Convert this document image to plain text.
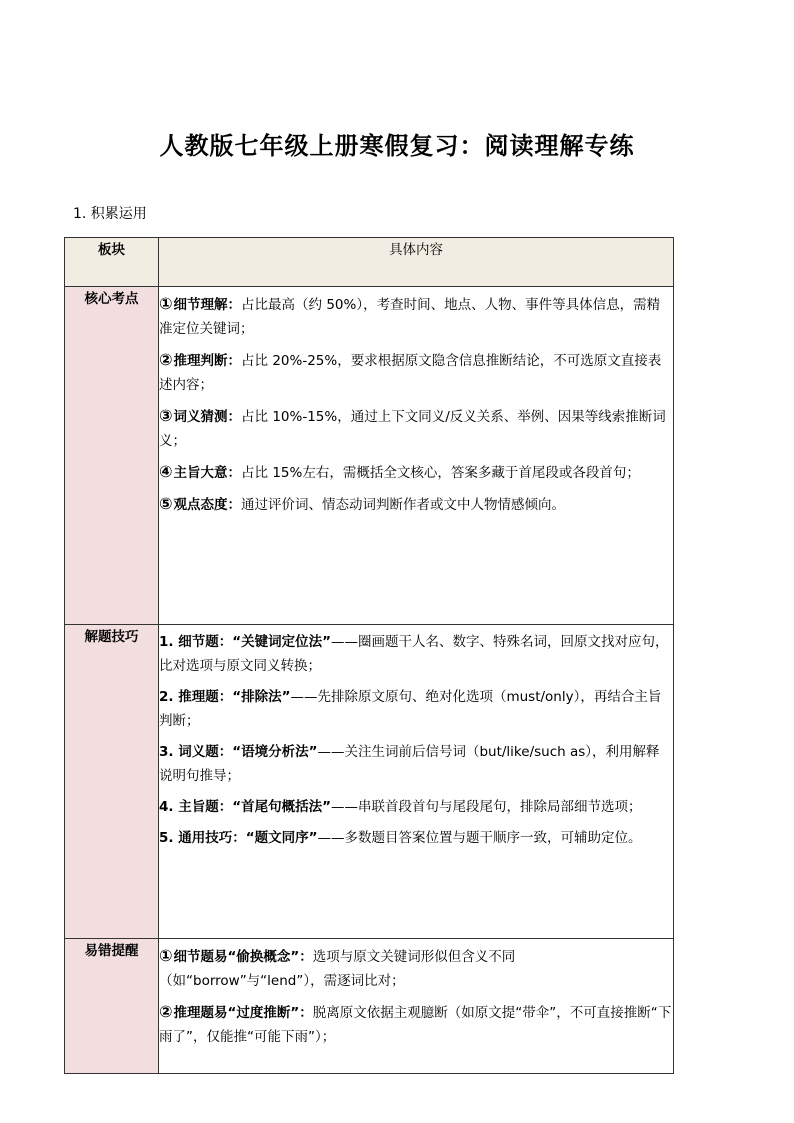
人教版七年级上册寒假复习：阅读理解专练
1. 积累运用
板块	具体内容
核心考点	①细节理解：占比最高（约 50%），考查时间、地点、人物、事件等具体信息，需精准定位关键词；
②推理判断：占比 20%-25%，要求根据原文隐含信息推断结论，不可选原文直接表述内容；
③词义猜测：占比 10%-15%，通过上下文同义/反义关系、举例、因果等线索推断词义；
④主旨大意：占比 15%左右，需概括全文核心，答案多藏于首尾段或各段首句；
⑤观点态度：通过评价词、情态动词判断作者或文中人物情感倾向。

解题技巧	1. 细节题：“关键词定位法”——圈画题干人名、数字、特殊名词，回原文找对应句，比对选项与原文同义转换；
2. 推理题：“排除法”——先排除原文原句、绝对化选项（must/only），再结合主旨判断；
3. 词义题：“语境分析法”——关注生词前后信号词（but/like/such as），利用解释说明句推导；
4. 主旨题：“首尾句概括法”——串联首段首句与尾段尾句，排除局部细节选项；
5. 通用技巧：“题文同序”——多数题目答案位置与题干顺序一致，可辅助定位。

易错提醒	①细节题易“偷换概念”：选项与原文关键词形似但含义不同（如“borrow”与“lend”），需逐词比对；
②推理题易“过度推断”：脱离原文依据主观臆断（如原文提“带伞”，不可直接推断“下雨了”，仅能推“可能下雨”）；
